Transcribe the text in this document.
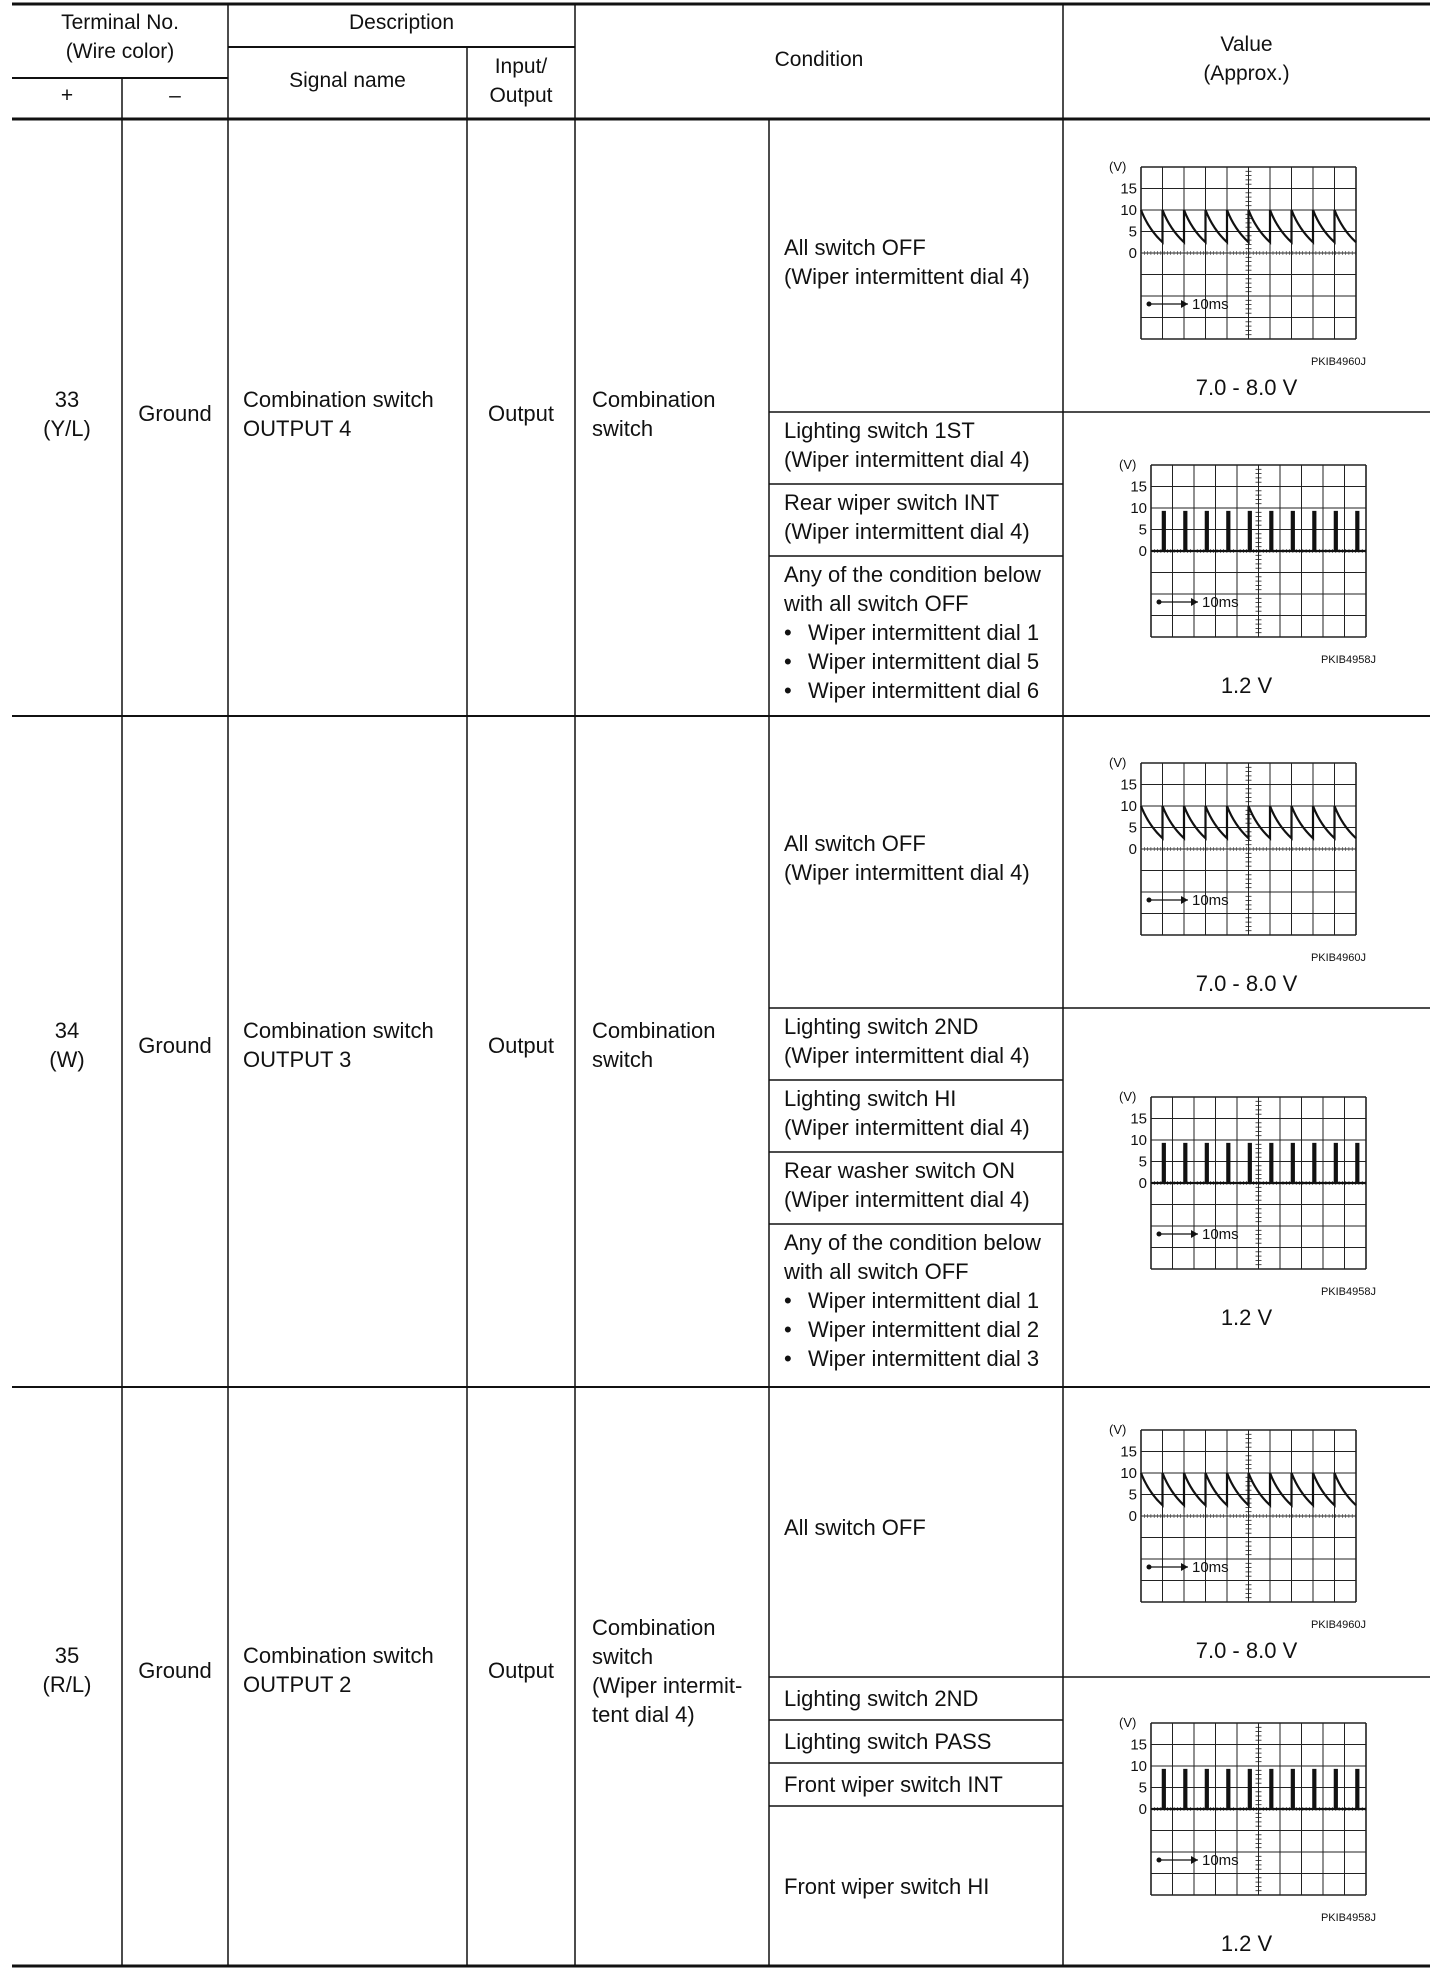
Terminal No.
(Wire color)
+	–
Description
Signal name
Input/
Output
Condition
Value
(Approx.)
33
(Y/L)
Ground
Combination switch
OUTPUT 4
Output
Combination
switch
All switch OFF
(Wiper intermittent dial 4)
Lighting switch 1ST
(Wiper intermittent dial 4)
Rear wiper switch INT
(Wiper intermittent dial 4)
Any of the condition below
with all switch OFF
• Wiper intermittent dial 1
• Wiper intermittent dial 5
• Wiper intermittent dial 6
(V)
15
10
5
0
10ms
PKIB4960J
7.0 - 8.0 V
(V)
15
10
5
0
10ms
PKIB4958J
1.2 V
34
(W)
Ground
Combination switch
OUTPUT 3
Output
Combination
switch
All switch OFF
(Wiper intermittent dial 4)
Lighting switch 2ND
(Wiper intermittent dial 4)
Lighting switch HI
(Wiper intermittent dial 4)
Rear washer switch ON
(Wiper intermittent dial 4)
Any of the condition below
with all switch OFF
• Wiper intermittent dial 1
• Wiper intermittent dial 2
• Wiper intermittent dial 3
(V)
15
10
5
0
10ms
PKIB4960J
7.0 - 8.0 V
(V)
15
10
5
0
10ms
PKIB4958J
1.2 V
35
(R/L)
Ground
Combination switch
OUTPUT 2
Output
Combination
switch
(Wiper intermit-
tent dial 4)
All switch OFF
Lighting switch 2ND
Lighting switch PASS
Front wiper switch INT
Front wiper switch HI
(V)
15
10
5
0
10ms
PKIB4960J
7.0 - 8.0 V
(V)
15
10
5
0
10ms
PKIB4958J
1.2 V
